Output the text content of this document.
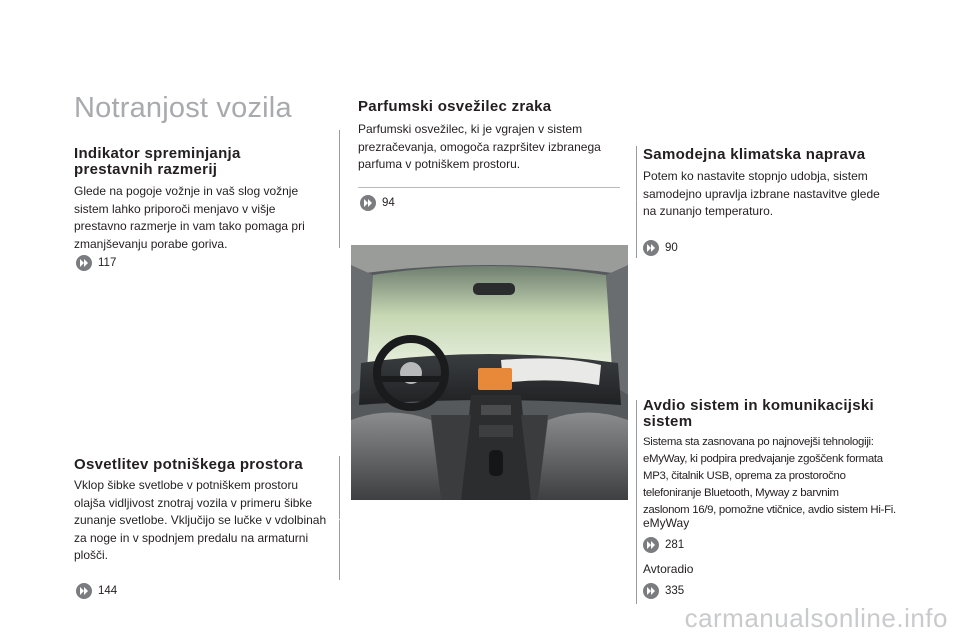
Notranjost vozila
Indikator spreminjanja
prestavnih razmerij
Glede na pogoje vožnje in vaš slog vožnje
sistem lahko priporoči menjavo v višje
prestavno razmerje in vam tako pomaga pri
zmanjševanju porabe goriva.
117
Osvetlitev potniškega prostora
Vklop šibke svetlobe v potniškem prostoru
olajša vidljivost znotraj vozila v primeru šibke
zunanje svetlobe. Vključijo se lučke v vdolbinah
za noge in v spodnjem predalu na armaturni
plošči.
144
Parfumski osvežilec zraka
Parfumski osvežilec, ki je vgrajen v sistem
prezračevanja, omogoča razpršitev izbranega
parfuma v potniškem prostoru.
94
Samodejna klimatska naprava
Potem ko nastavite stopnjo udobja, sistem
samodejno upravlja izbrane nastavitve glede
na zunanjo temperaturo.
90
Avdio sistem in komunikacijski
sistem
Sistema sta zasnovana po najnovejši tehnologiji:
eMyWay, ki podpira predvajanje zgoščenk formata
MP3, čitalnik USB, oprema za prostoročno
telefoniranje Bluetooth, Myway z barvnim
zaslonom 16/9, pomožne vtičnice, avdio sistem Hi-Fi.
eMyWay
281
Avtoradio
335
carmanualsonline.info
